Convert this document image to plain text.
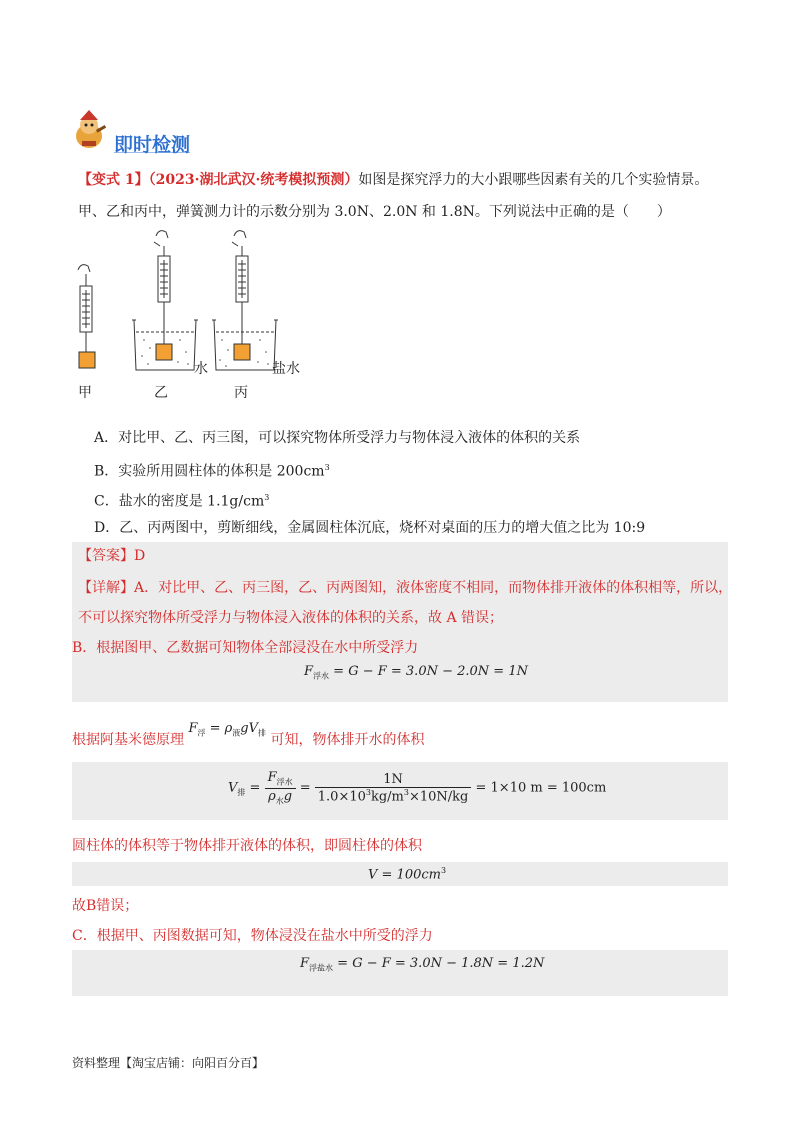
即时检测
【变式 1】（2023·湖北武汉·统考模拟预测）如图是探究浮力的大小跟哪些因素有关的几个实验情景。
甲、乙和丙中，弹簧测力计的示数分别为 3.0N、2.0N 和 1.8N。下列说法中正确的是（　　）
甲	乙	丙
水	盐水
A．对比甲、乙、丙三图，可以探究物体所受浮力与物体浸入液体的体积的关系
B．实验所用圆柱体的体积是 $200cm^3$
C．盐水的密度是 $1.1g/cm^3$
D．乙、丙两图中，剪断细线，金属圆柱体沉底，烧杯对桌面的压力的增大值之比为 10:9
【答案】D
【详解】A．对比甲、乙、丙三图，乙、丙两图知，液体密度不相同，而物体排开液体的体积相等，所以，
不可以探究物体所受浮力与物体浸入液体的体积的关系，故 A 错误；
B．根据图甲、乙数据可知物体全部浸没在水中所受浮力
$F_{浮水} = G - F = 3.0N - 2.0N = 1N$
根据阿基米德原理 $F_浮 = \rho_液gV_排$ 可知，物体排开水的体积
$V_排 = \frac{F_{浮水}}{\rho_水g} = \frac{1N}{1.0\times 10^3kg/m^3\times 10N/kg} = 1\times 10$ m = 100cm
圆柱体的体积等于物体排开液体的体积，即圆柱体的体积
$V = 100cm^3$
故B错误；
C．根据甲、丙图数据可知，物体浸没在盐水中所受的浮力
$F_{浮盐水} = G - F = 3.0N - 1.8N = 1.2N$
资料整理【淘宝店铺：向阳百分百】
